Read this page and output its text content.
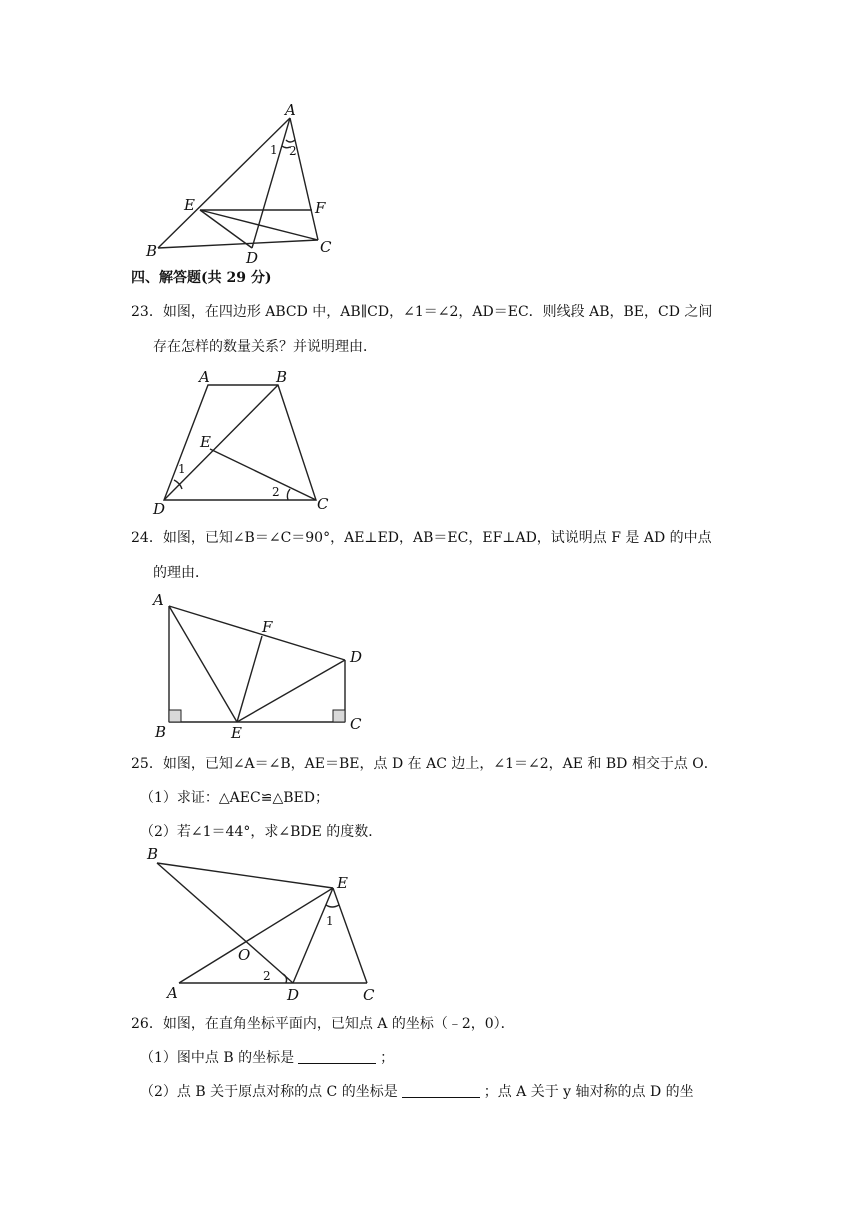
A
E	F
B	D
C
1 2
四、解答题(共 29 分)
23．如图，在四边形 ABCD 中，AB∥CD，∠1＝∠2，AD＝EC．则线段 AB，BE，CD 之间
存在怎样的数量关系？并说明理由．
A	B
E
D	C
1
2
24．如图，已知∠B＝∠C＝90°，AE⊥ED，AB＝EC，EF⊥AD，试说明点 F 是 AD 的中点
的理由．
A
F
D
B	E	C
25．如图，已知∠A＝∠B，AE＝BE，点 D 在 AC 边上，∠1＝∠2，AE 和 BD 相交于点 O．
（1）求证：△AEC≌△BED；
（2）若∠1＝44°，求∠BDE 的度数．
B
E
O
A	D	C
1
2
26．如图，在直角坐标平面内，已知点 A 的坐标（﹣2，0）．
（1）图中点 B 的坐标是	；
（2）点 B 关于原点对称的点 C 的坐标是	；点 A 关于 y 轴对称的点 D 的坐
